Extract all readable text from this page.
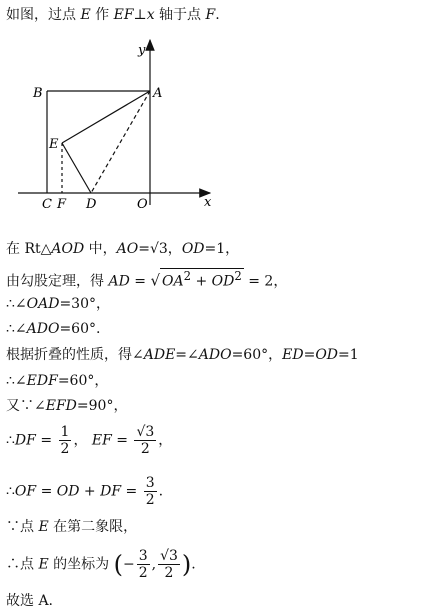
如图，过点 E 作 EF⊥x 轴于点 F.
y
B	A
E
C F D	O	x
在 Rt△AOD 中，AO=√3，OD=1，
由勾股定理，得 AD = √ $OA^2 + OD^2 = 2$，
∴∠OAD=30°，
∴∠ADO=60°.
根据折叠的性质，得∠ADE=∠ADO=60°，ED=OD=1
∴∠EDF=60°，
又∵∠EFD=90°，
∴DF = $\frac{1}{2}$ ， EF = $\frac{√3}{2}$ ，
∴OF = OD + DF = $\frac{3}{2}$ .
∵点 E 在第二象限，
∴点 E 的坐标为 (− $\frac{3}{2}$ , $\frac{√3}{2}$ ).
故选 A.
